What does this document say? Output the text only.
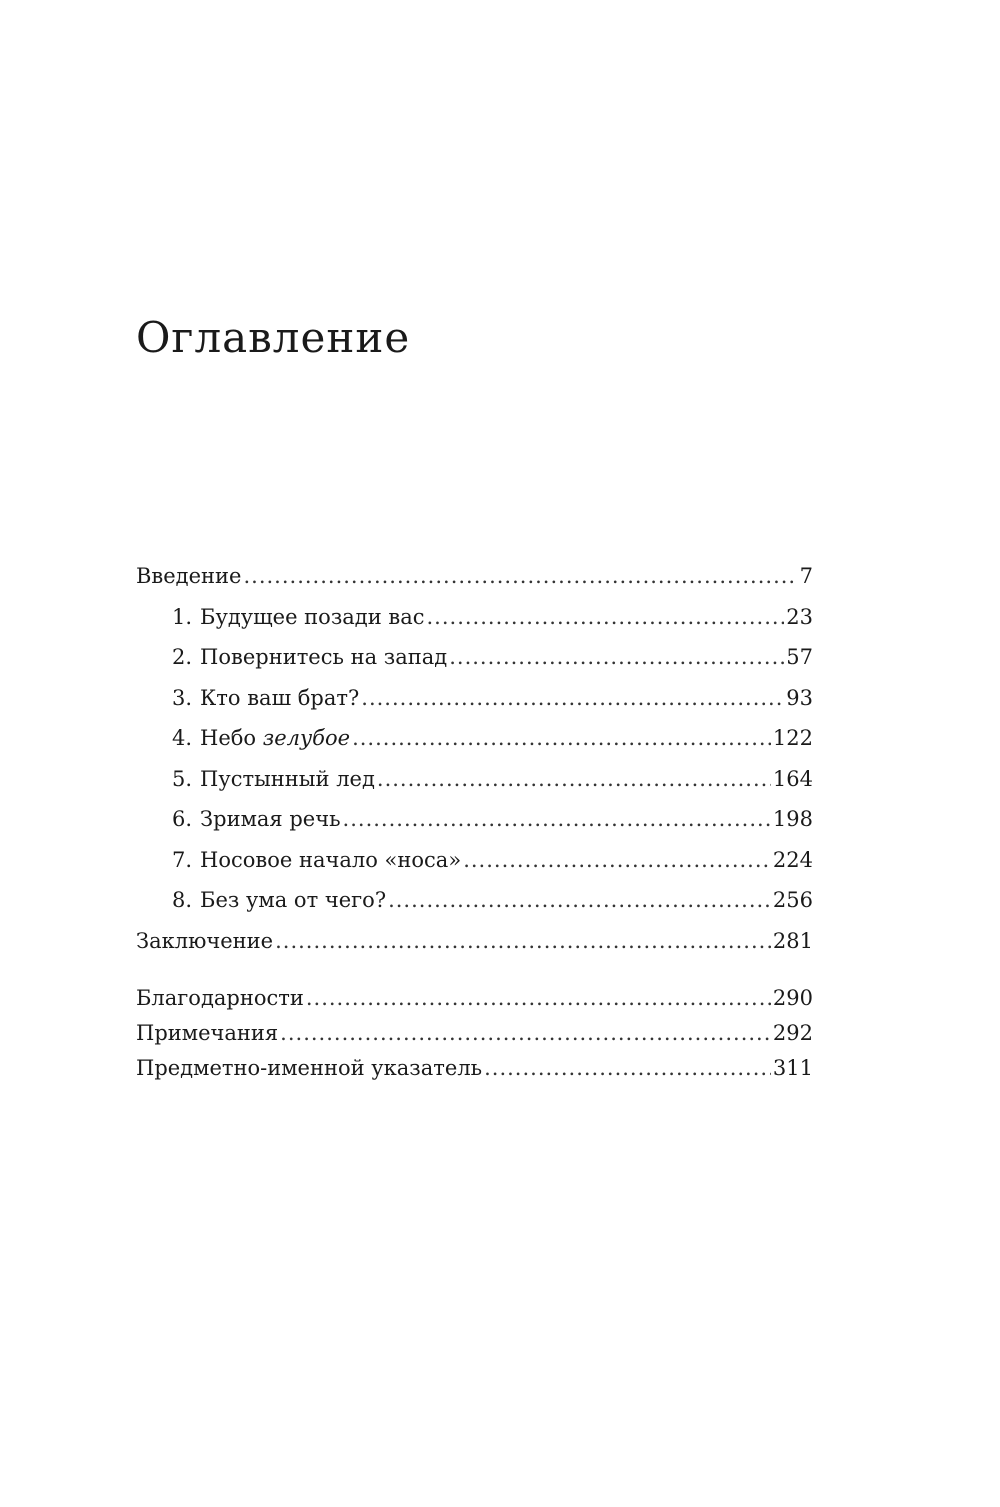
Оглавление
Введение .....	7
1. Будущее позади вас .....	23
2. Повернитесь на запад .....	57
3. Кто ваш брат? .....	93
4. Небо зелубое .....	122
5. Пустынный лед .....	164
6. Зримая речь .....	198
7. Носовое начало «носа» .....	224
8. Без ума от чего? .....	256
Заключение .....	281
Благодарности .....	290
Примечания .....	292
Предметно-именной указатель .....	311
